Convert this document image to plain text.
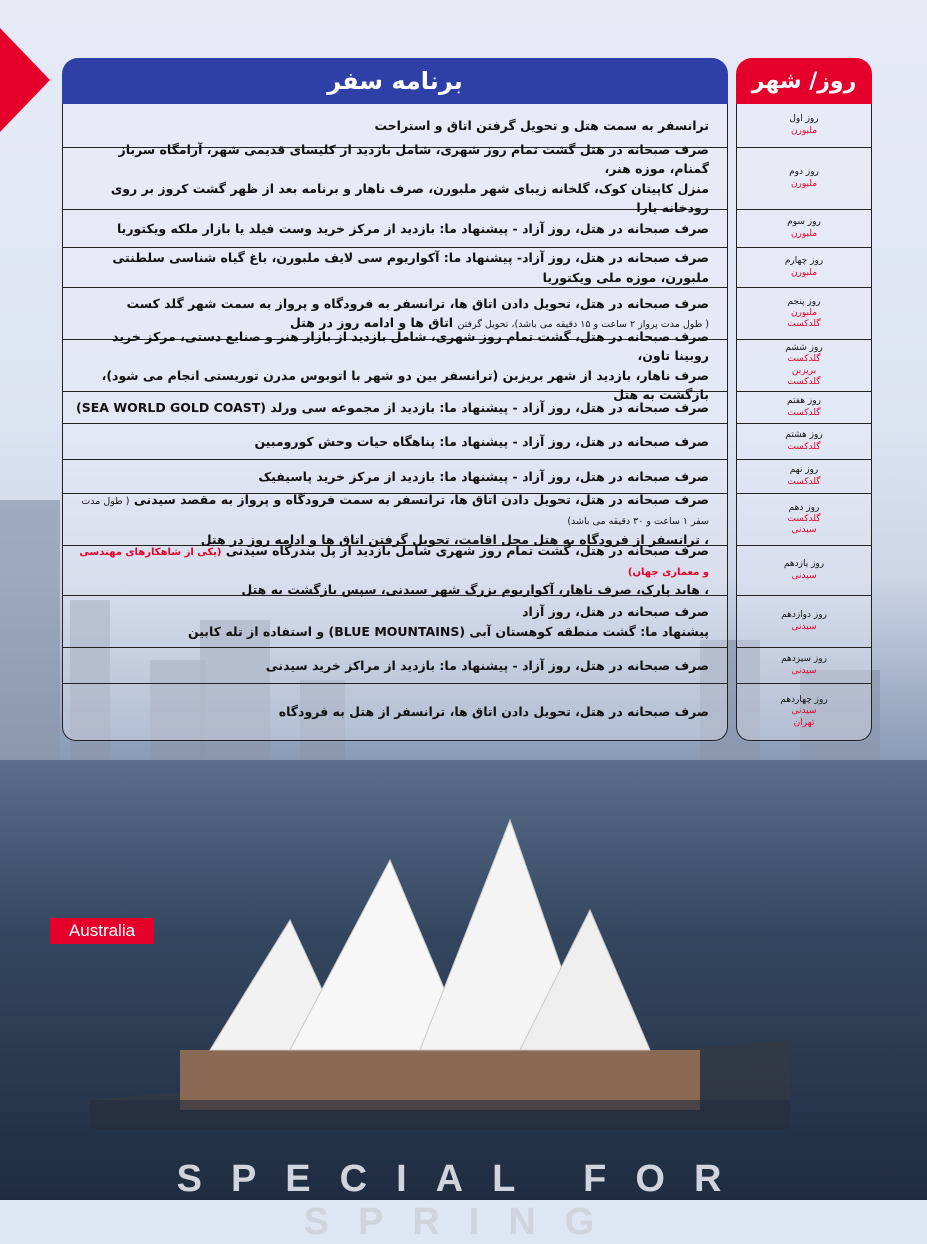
برنامه سفر	روز/ شهر
ترانسفر به سمت هتل و تحویل گرفتن اتاق و استراحت
صرف صبحانه در هتل گشت تمام روز شهری، شامل بازدید از کلیسای قدیمی شهر، آرامگاه سرباز گمنام، موزه هنر،
منزل کاپیتان کوک، گلخانه زیبای شهر ملبورن، صرف ناهار و برنامه بعد از ظهر گشت کروز بر روی رودخانه یارا
صرف صبحانه در هتل، روز آزاد - پیشنهاد ما: بازدید از مرکز خرید وست فیلد یا بازار ملکه ویکتوریا
صرف صبحانه در هتل، روز آزاد- پیشنهاد ما: آکواریوم سی لایف ملبورن، باغ گیاه شناسی سلطنتی ملبورن، موزه ملی ویکتوریا
صرف صبحانه در هتل، تحویل دادن اتاق ها، ترانسفر به فرودگاه و پرواز به سمت شهر گلد کست
( طول مدت پرواز ۲ ساعت و ۱۵ دقیقه می باشد)، تحویل گرفتن اتاق ها و ادامه روز در هتل
صرف صبحانه در هتل، گشت تمام روز شهری، شامل بازدید از بازار هنر و صنایع دستی، مرکز خرید روبینا تاون،
صرف ناهار، بازدید از شهر بریزبن (ترانسفر بین دو شهر با اتوبوس مدرن توریستی انجام می شود)، بازگشت به هتل
صرف صبحانه در هتل، روز آزاد - پیشنهاد ما: بازدید از مجموعه سی ورلد (SEA WORLD GOLD COAST)
صرف صبحانه در هتل، روز آزاد - پیشنهاد ما: پناهگاه حیات وحش کورومبین
صرف صبحانه در هتل، روز آزاد - پیشنهاد ما: بازدید از مرکز خرید پاسیفیک
صرف صبحانه در هتل، تحویل دادن اتاق ها، ترانسفر به سمت فرودگاه و پرواز به مقصد سیدنی ( طول مدت سفر ۱ ساعت و ۳۰ دقیقه می باشد)
، ترانسفر از فرودگاه به هتل محل اقامت، تحویل گرفتن اتاق ها و ادامه روز در هتل
صرف صبحانه در هتل، گشت تمام روز شهری شامل بازدید از پل بندرگاه سیدنی (یکی از شاهکارهای مهندسی و معماری جهان)
، هاید پارک، صرف ناهار، آکواریوم بزرگ شهر سیدنی، سپس بازگشت به هتل
صرف صبحانه در هتل، روز آزاد
پیشنهاد ما: گشت منطقه کوهستان آبی (BLUE MOUNTAINS) و استفاده از تله کابین
صرف صبحانه در هتل، روز آزاد - پیشنهاد ما: بازدید از مراکز خرید سیدنی
صرف صبحانه در هتل، تحویل دادن اتاق ها، ترانسفر از هتل به فرودگاه
روز اول
ملبورن
روز دوم
ملبورن
روز سوم
ملبورن
روز چهارم
ملبورن
روز پنجم
ملبورن
گلدکست
روز ششم
گلدکست
بریزبن
گلدکست
روز هفتم
گلدکست
روز هشتم
گلدکست
روز نهم
گلدکست
روز دهم
گلدکست
سیدنی
روز یازدهم
سیدنی
روز دوازدهم
سیدنی
روز سیزدهم
سیدنی
روز چهاردهم
سیدنی
تهران
Australia
SPECIAL FOR SPRING
